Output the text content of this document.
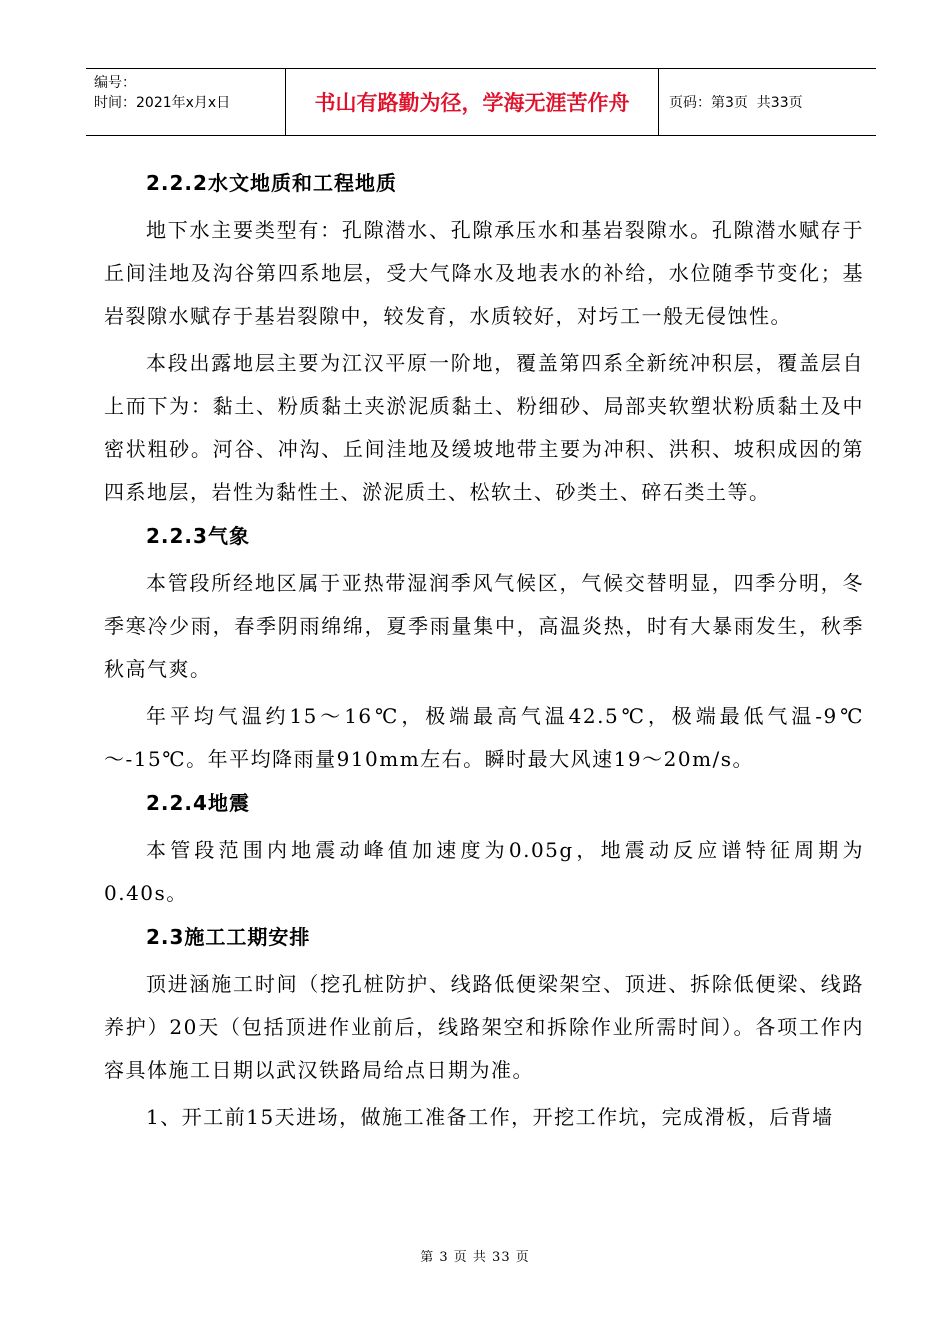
编号：
时间：2021年x月x日	书山有路勤为径，学海无涯苦作舟	页码：第3页  共33页
2.2.2水文地质和工程地质
地下水主要类型有：孔隙潜水、孔隙承压水和基岩裂隙水。孔隙潜水赋存于丘间洼地及沟谷第四系地层，受大气降水及地表水的补给，水位随季节变化；基岩裂隙水赋存于基岩裂隙中，较发育，水质较好，对圬工一般无侵蚀性。
本段出露地层主要为江汉平原一阶地，覆盖第四系全新统冲积层，覆盖层自上而下为：黏土、粉质黏土夹淤泥质黏土、粉细砂、局部夹软塑状粉质黏土及中密状粗砂。河谷、冲沟、丘间洼地及缓坡地带主要为冲积、洪积、坡积成因的第四系地层，岩性为黏性土、淤泥质土、松软土、砂类土、碎石类土等。
2.2.3气象
本管段所经地区属于亚热带湿润季风气候区，气候交替明显，四季分明，冬季寒冷少雨，春季阴雨绵绵，夏季雨量集中，高温炎热，时有大暴雨发生，秋季秋高气爽。
年平均气温约15～16℃，极端最高气温42.5℃，极端最低气温-9℃～-15℃。年平均降雨量910mm左右。瞬时最大风速19～20m/s。
2.2.4地震
本管段范围内地震动峰值加速度为0.05g，地震动反应谱特征周期为0.40s。
2.3施工工期安排
顶进涵施工时间（挖孔桩防护、线路低便梁架空、顶进、拆除低便梁、线路养护）20天（包括顶进作业前后，线路架空和拆除作业所需时间）。各项工作内容具体施工日期以武汉铁路局给点日期为准。
1、开工前15天进场，做施工准备工作，开挖工作坑，完成滑板，后背墙
第 3 页 共 33 页
